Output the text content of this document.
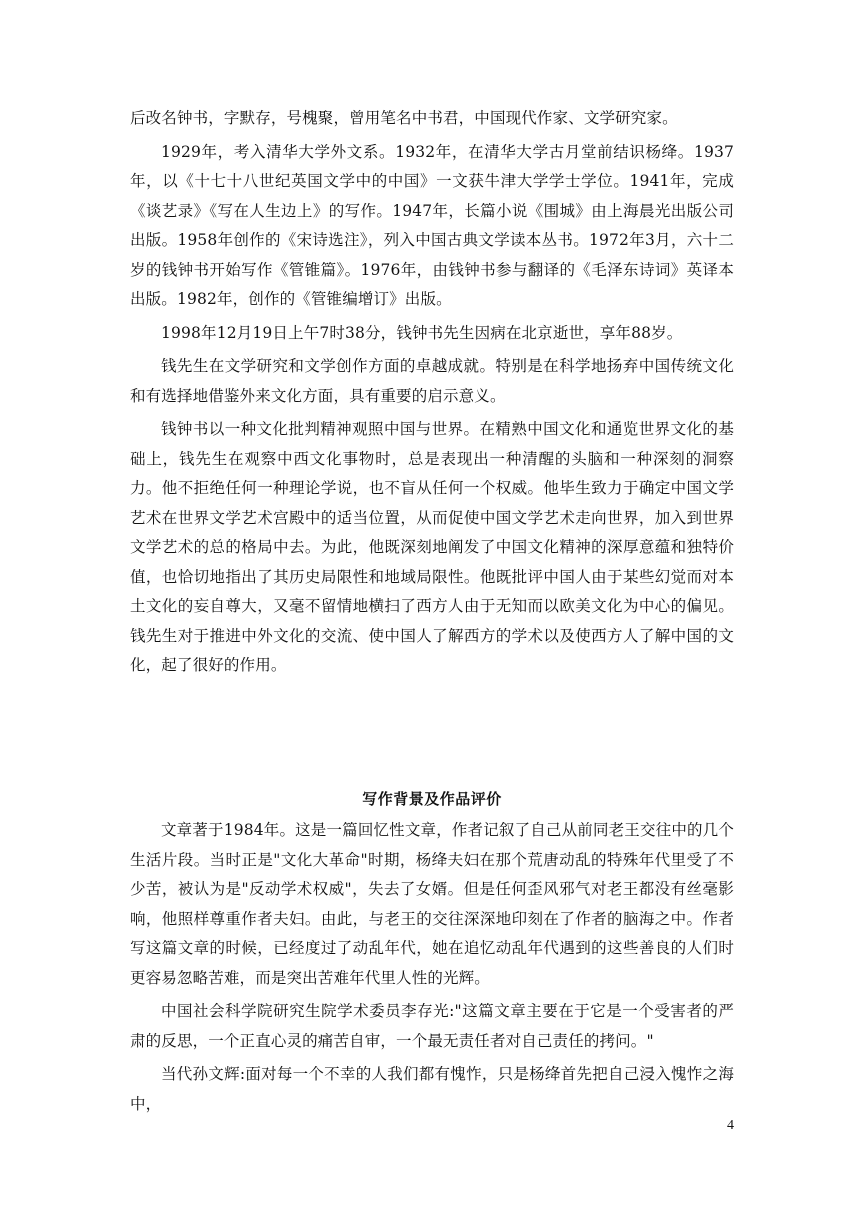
后改名钟书，字默存，号槐聚，曾用笔名中书君，中国现代作家、文学研究家。

1929年，考入清华大学外文系。1932年，在清华大学古月堂前结识杨绛。1937年，以《十七十八世纪英国文学中的中国》一文获牛津大学学士学位。1941年，完成《谈艺录》《写在人生边上》的写作。1947年，长篇小说《围城》由上海晨光出版公司出版。1958年创作的《宋诗选注》，列入中国古典文学读本丛书。1972年3月，六十二岁的钱钟书开始写作《管锥篇》。1976年，由钱钟书参与翻译的《毛泽东诗词》英译本出版。1982年，创作的《管锥编增订》出版。

1998年12月19日上午7时38分，钱钟书先生因病在北京逝世，享年88岁。

钱先生在文学研究和文学创作方面的卓越成就。特别是在科学地扬弃中国传统文化和有选择地借鉴外来文化方面，具有重要的启示意义。

钱钟书以一种文化批判精神观照中国与世界。在精熟中国文化和通览世界文化的基础上，钱先生在观察中西文化事物时，总是表现出一种清醒的头脑和一种深刻的洞察力。他不拒绝任何一种理论学说，也不盲从任何一个权威。他毕生致力于确定中国文学艺术在世界文学艺术宫殿中的适当位置，从而促使中国文学艺术走向世界，加入到世界文学艺术的总的格局中去。为此，他既深刻地阐发了中国文化精神的深厚意蕴和独特价值，也恰切地指出了其历史局限性和地域局限性。他既批评中国人由于某些幻觉而对本土文化的妄自尊大，又毫不留情地横扫了西方人由于无知而以欧美文化为中心的偏见。钱先生对于推进中外文化的交流、使中国人了解西方的学术以及使西方人了解中国的文化，起了很好的作用。

写作背景及作品评价

文章著于1984年。这是一篇回忆性文章，作者记叙了自己从前同老王交往中的几个生活片段。当时正是"文化大革命"时期，杨绛夫妇在那个荒唐动乱的特殊年代里受了不少苦，被认为是"反动学术权威"，失去了女婿。但是任何歪风邪气对老王都没有丝毫影响，他照样尊重作者夫妇。由此，与老王的交往深深地印刻在了作者的脑海之中。作者写这篇文章的时候，已经度过了动乱年代，她在追忆动乱年代遇到的这些善良的人们时更容易忽略苦难，而是突出苦难年代里人性的光辉。

中国社会科学院研究生院学术委员李存光:"这篇文章主要在于它是一个受害者的严肃的反思，一个正直心灵的痛苦自审，一个最无责任者对自己责任的拷问。"

当代孙文辉:面对每一个不幸的人我们都有愧怍，只是杨绛首先把自己浸入愧怍之海中，

4
